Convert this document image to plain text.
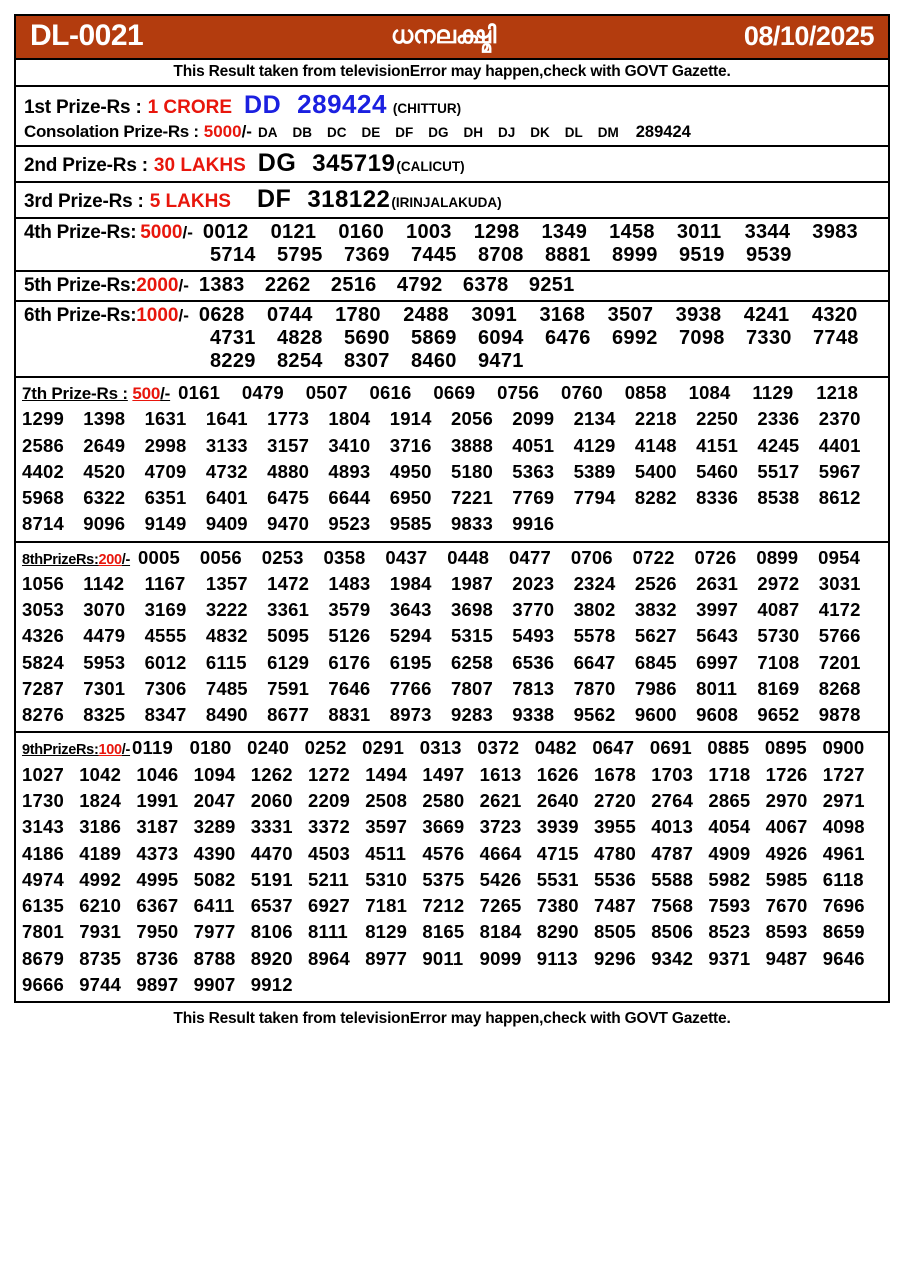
DL-0021	ധനലക്ഷ്മി	08/10/2025
This Result taken from televisionError may happen,check with GOVT Gazette.
1st Prize-Rs : 1 CRORE DD 289424 (CHITTUR)
Consolation Prize-Rs : 5000 /- DA DB DC DE DF DG DH DJ DK DL DM 289424
2nd Prize-Rs : 30 LAKHS DG 345719 (CALICUT)
3rd Prize-Rs : 5 LAKHS DF 318122 (IRINJALAKUDA)
4th Prize-Rs: 5000 /- 0012	0121	0160	1003	1298	1349	1458	3011	3344	3983
5714	5795	7369	7445	8708	8881	8999	9519	9539
5th Prize-Rs: 2000 /- 1383	2262	2516	4792	6378	9251
6th Prize-Rs: 1000 /- 0628	0744	1780	2488	3091	3168	3507	3938	4241	4320
4731	4828	5690	5869	6094	6476	6992	7098	7330	7748
8229	8254	8307	8460	9471
7th Prize-Rs :
500 /- 0161	0479	0507	0616	0669	0756	0760	0858	1084	1129	1218
1299	1398	1631	1641	1773	1804	1914	2056	2099	2134	2218	2250	2336	2370
2586	2649	2998	3133	3157	3410	3716	3888	4051	4129	4148	4151	4245	4401
4402	4520	4709	4732	4880	4893	4950	5180	5363	5389	5400	5460	5517	5967
5968	6322	6351	6401	6475	6644	6950	7221	7769	7794	8282	8336	8538	8612
8714	9096	9149	9409	9470	9523	9585	9833	9916
8thPrizeRs: 200 /- 0005	0056	0253	0358	0437	0448	0477	0706	0722	0726	0899	0954
1056	1142	1167	1357	1472	1483	1984	1987	2023	2324	2526	2631	2972	3031
3053	3070	3169	3222	3361	3579	3643	3698	3770	3802	3832	3997	4087	4172
4326	4479	4555	4832	5095	5126	5294	5315	5493	5578	5627	5643	5730	5766
5824	5953	6012	6115	6129	6176	6195	6258	6536	6647	6845	6997	7108	7201
7287	7301	7306	7485	7591	7646	7766	7807	7813	7870	7986	8011	8169	8268
8276	8325	8347	8490	8677	8831	8973	9283	9338	9562	9600	9608	9652	9878
9thPrizeRs: 100 /- 0119 0180 0240 0252 0291 0313 0372 0482 0647 0691 0885 0895 0900
1027 1042 1046 1094 1262 1272 1494 1497 1613 1626 1678 1703 1718 1726 1727
1730 1824 1991 2047 2060 2209 2508 2580 2621 2640 2720 2764 2865 2970 2971
3143 3186 3187 3289 3331 3372 3597 3669 3723 3939 3955 4013 4054 4067 4098
4186 4189 4373 4390 4470 4503 4511 4576 4664 4715 4780 4787 4909 4926 4961
4974 4992 4995 5082 5191 5211 5310 5375 5426 5531 5536 5588 5982 5985 6118
6135 6210 6367 6411 6537 6927 7181 7212 7265 7380 7487 7568 7593 7670 7696
7801 7931 7950 7977 8106 8111 8129 8165 8184 8290 8505 8506 8523 8593 8659
8679 8735 8736 8788 8920 8964 8977 9011 9099 9113 9296 9342 9371 9487 9646
9666 9744 9897 9907 9912
This Result taken from televisionError may happen,check with GOVT Gazette.
